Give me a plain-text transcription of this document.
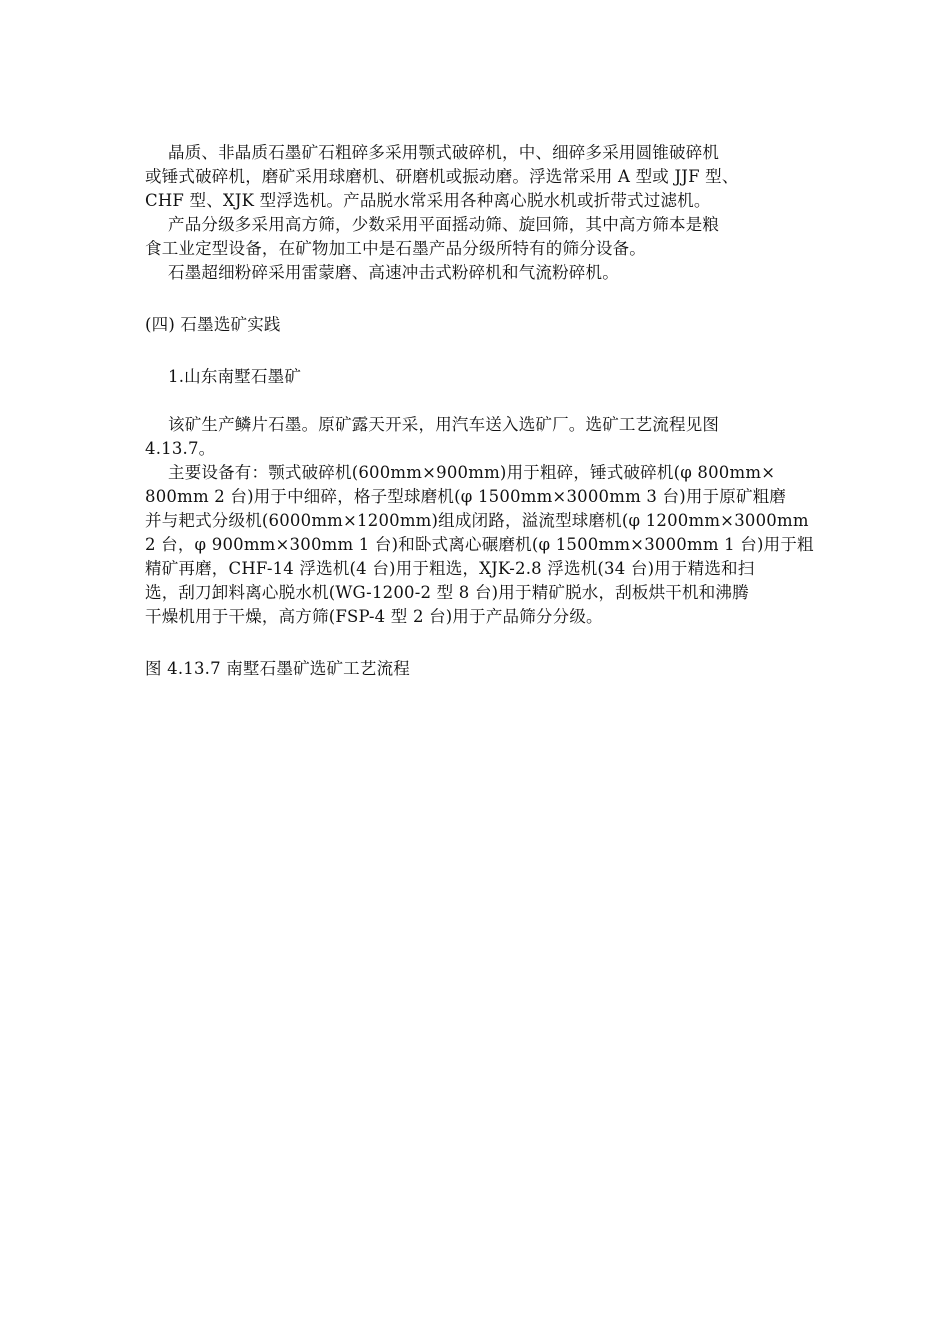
晶质、非晶质石墨矿石粗碎多采用颚式破碎机，中、细碎多采用圆锥破碎机
或锤式破碎机，磨矿采用球磨机、研磨机或振动磨。浮选常采用 A 型或 JJF 型、
CHF 型、XJK 型浮选机。产品脱水常采用各种离心脱水机或折带式过滤机。
产品分级多采用高方筛，少数采用平面摇动筛、旋回筛，其中高方筛本是粮
食工业定型设备，在矿物加工中是石墨产品分级所特有的筛分设备。
石墨超细粉碎采用雷蒙磨、高速冲击式粉碎机和气流粉碎机。
(四) 石墨选矿实践
1.山东南墅石墨矿
该矿生产鳞片石墨。原矿露天开采，用汽车送入选矿厂。选矿工艺流程见图
4.13.7。
主要设备有：颚式破碎机(600mm×900mm)用于粗碎，锤式破碎机(φ 800mm×
800mm 2 台)用于中细碎，格子型球磨机(φ 1500mm×3000mm 3 台)用于原矿粗磨
并与耙式分级机(6000mm×1200mm)组成闭路，溢流型球磨机(φ 1200mm×3000mm
2 台，φ 900mm×300mm 1 台)和卧式离心碾磨机(φ 1500mm×3000mm 1 台)用于粗
精矿再磨，CHF-14 浮选机(4 台)用于粗选，XJK-2.8 浮选机(34 台)用于精选和扫
选，刮刀卸料离心脱水机(WG-1200-2 型 8 台)用于精矿脱水，刮板烘干机和沸腾
干燥机用于干燥，高方筛(FSP-4 型 2 台)用于产品筛分分级。
图 4.13.7 南墅石墨矿选矿工艺流程
